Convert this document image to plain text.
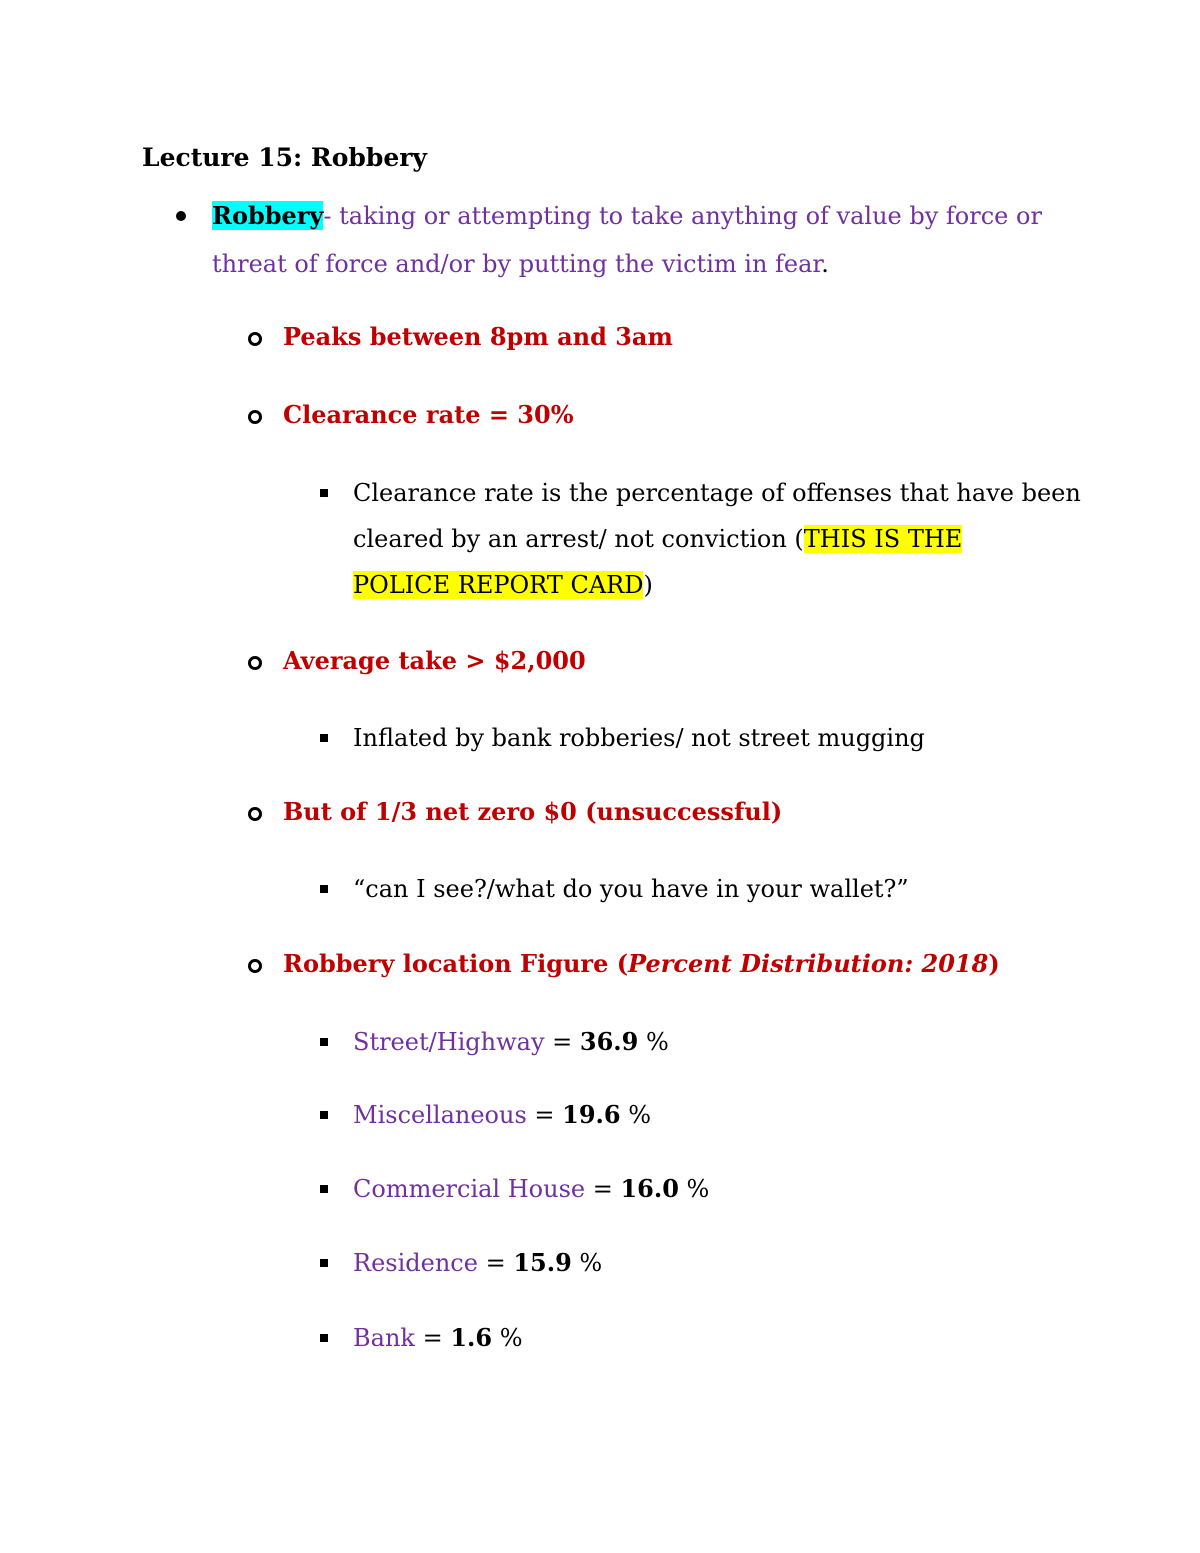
Lecture 15: Robbery
Robbery- taking or attempting to take anything of value by force or
threat of force and/or by putting the victim in fear.
Peaks between 8pm and 3am
Clearance rate = 30%
Clearance rate is the percentage of offenses that have been
cleared by an arrest/ not conviction (THIS IS THE
POLICE REPORT CARD)
Average take > $2,000
Inflated by bank robberies/ not street mugging
But of 1/3 net zero $0 (unsuccessful)
“can I see?/what do you have in your wallet?”
Robbery location Figure (Percent Distribution: 2018)
Street/Highway = 36.9 %
Miscellaneous = 19.6 %
Commercial House = 16.0 %
Residence = 15.9 %
Bank = 1.6 %
